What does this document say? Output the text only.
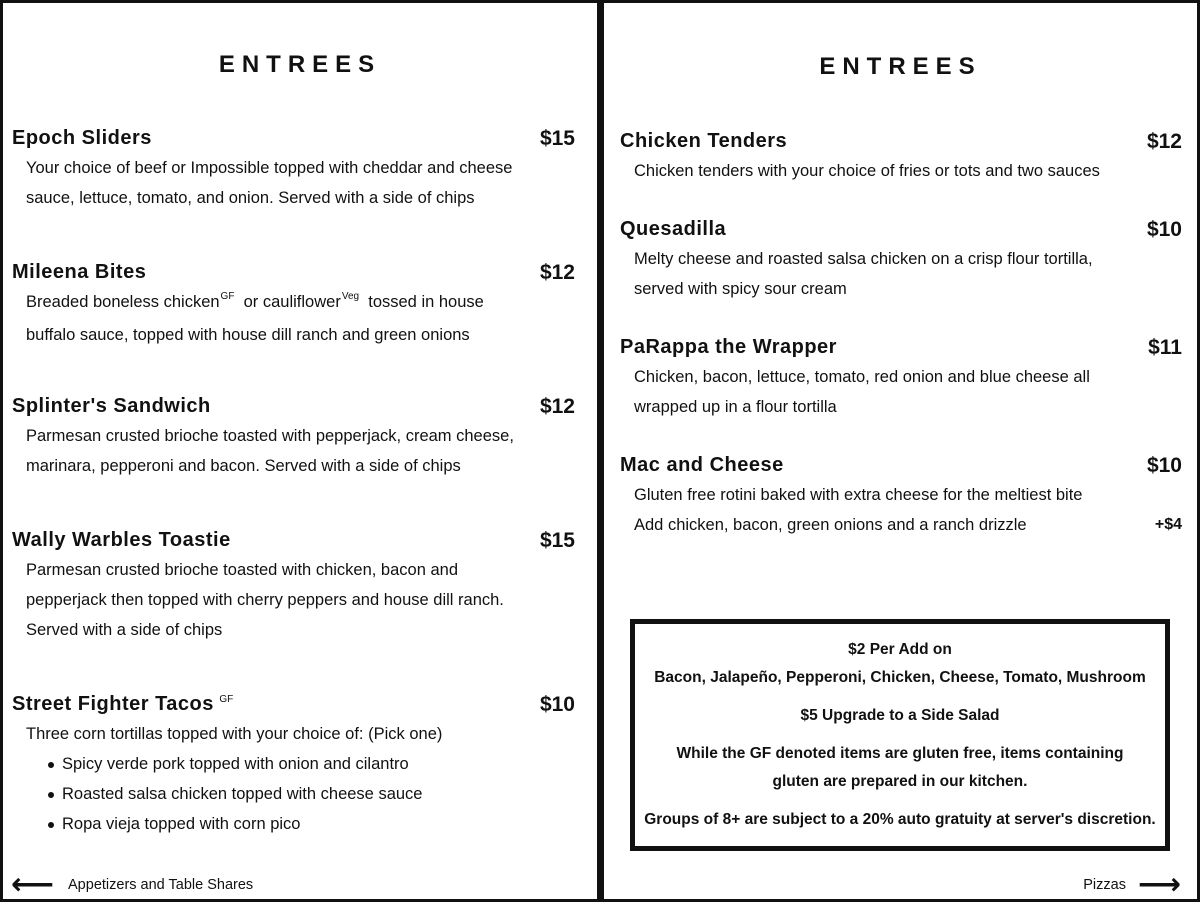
ENTREES
Epoch Sliders	$15
Your choice of beef or Impossible topped with cheddar and cheese
sauce, lettuce, tomato, and onion. Served with a side of chips
Mileena Bites	$12
Breaded boneless chicken$^{GF}$ or cauliflower$^{Veg}$ tossed in house
buffalo sauce, topped with house dill ranch and green onions
Splinter's Sandwich	$12
Parmesan crusted brioche toasted with pepperjack, cream cheese,
marinara, pepperoni and bacon. Served with a side of chips
Wally Warbles Toastie	$15
Parmesan crusted brioche toasted with chicken, bacon and
pepperjack then topped with cherry peppers and house dill ranch.
Served with a side of chips
Street Fighter Tacos $^{GF}$	$10
Three corn tortillas topped with your choice of: (Pick one)
Spicy verde pork topped with onion and cilantro
Roasted salsa chicken topped with cheese sauce
Ropa vieja topped with corn pico
⟵ Appetizers and Table Shares
ENTREES
Chicken Tenders	$12
Chicken tenders with your choice of fries or tots and two sauces
Quesadilla	$10
Melty cheese and roasted salsa chicken on a crisp flour tortilla,
served with spicy sour cream
PaRappa the Wrapper	$11
Chicken, bacon, lettuce, tomato, red onion and blue cheese all
wrapped up in a flour tortilla
Mac and Cheese	$10
Gluten free rotini baked with extra cheese for the meltiest bite
Add chicken, bacon, green onions and a ranch drizzle	+$4
$2 Per Add on
Bacon, Jalapeño, Pepperoni, Chicken, Cheese, Tomato, Mushroom
$5 Upgrade to a Side Salad
While the GF denoted items are gluten free, items containing
gluten are prepared in our kitchen.
Groups of 8+ are subject to a 20% auto gratuity at server's discretion.
Pizzas ⟶
